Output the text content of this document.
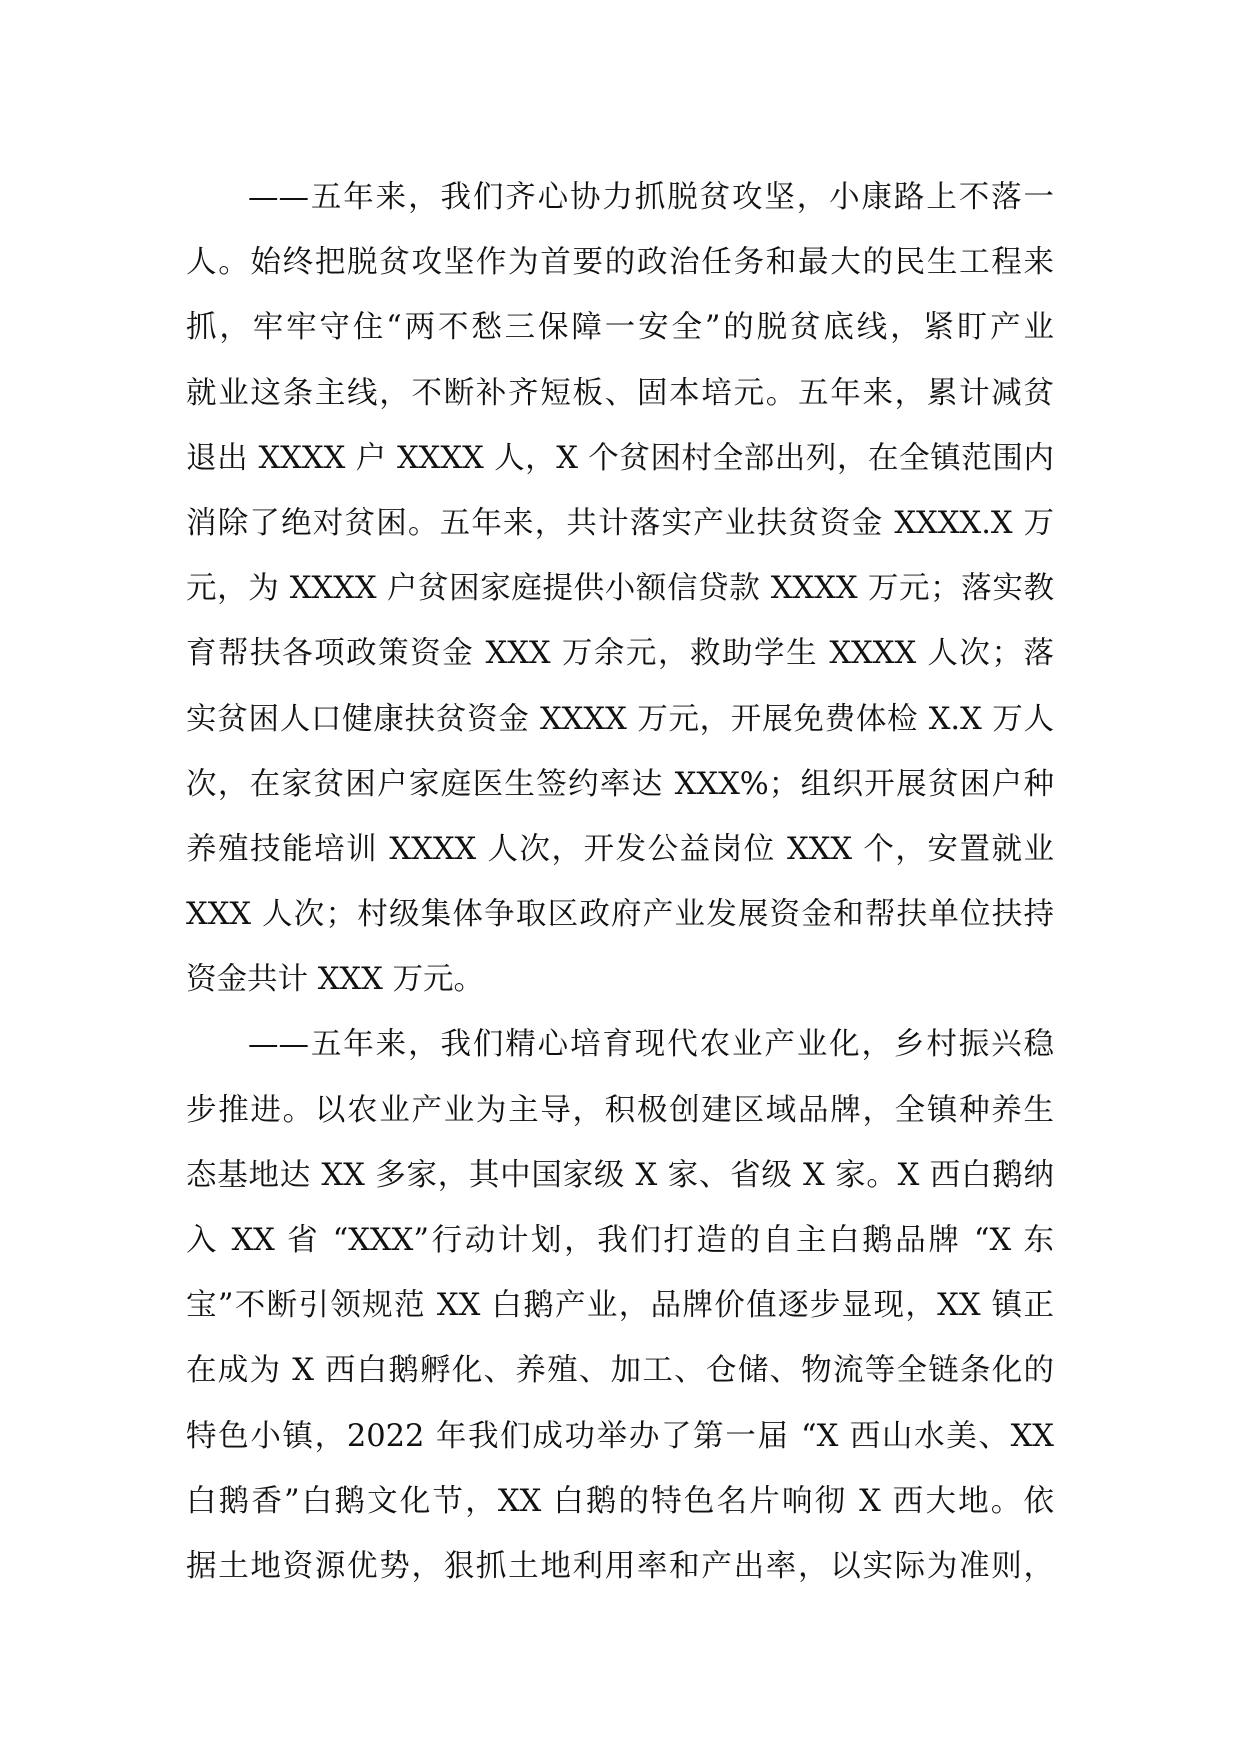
——五年来，我们齐心协力抓脱贫攻坚，小康路上不落一
人。始终把脱贫攻坚作为首要的政治任务和最大的民生工程来
抓，牢牢守住“两不愁三保障一安全”的脱贫底线，紧盯产业
就业这条主线，不断补齐短板、固本培元。五年来，累计减贫
退出 XXXX 户 XXXX 人，X 个贫困村全部出列，在全镇范围内
消除了绝对贫困。五年来，共计落实产业扶贫资金 XXXX.X 万
元，为 XXXX 户贫困家庭提供小额信贷款 XXXX 万元；落实教
育帮扶各项政策资金 XXX 万余元，救助学生 XXXX 人次；落
实贫困人口健康扶贫资金 XXXX 万元，开展免费体检 X.X 万人
次，在家贫困户家庭医生签约率达 XXX%；组织开展贫困户种
养殖技能培训 XXXX 人次，开发公益岗位 XXX 个，安置就业
XXX 人次；村级集体争取区政府产业发展资金和帮扶单位扶持
资金共计 XXX 万元。
——五年来，我们精心培育现代农业产业化，乡村振兴稳
步推进。以农业产业为主导，积极创建区域品牌，全镇种养生
态基地达 XX 多家，其中国家级 X 家、省级 X 家。X 西白鹅纳
入 XX 省 “XXX”行动计划，我们打造的自主白鹅品牌 “X 东
宝”不断引领规范 XX 白鹅产业，品牌价值逐步显现，XX 镇正
在成为 X 西白鹅孵化、养殖、加工、仓储、物流等全链条化的
特色小镇，2022 年我们成功举办了第一届 “X 西山水美、XX
白鹅香”白鹅文化节，XX 白鹅的特色名片响彻 X 西大地。依
据土地资源优势，狠抓土地利用率和产出率，以实际为准则，
